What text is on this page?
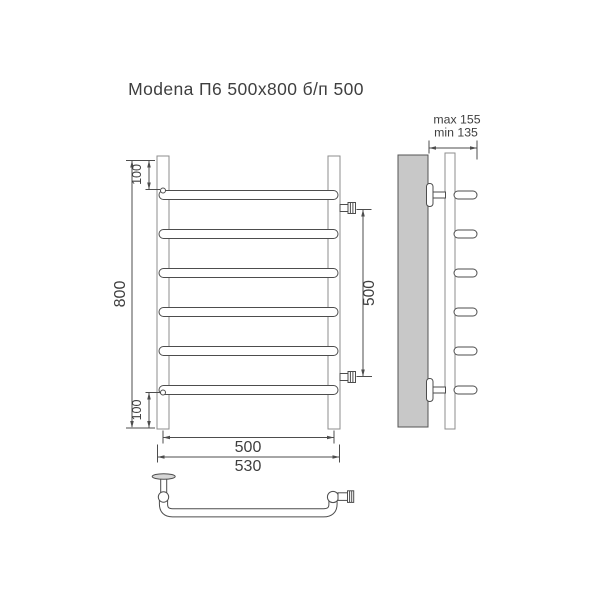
Modena П6 500x800 б/п 500
800
100
100
500
500
530
max 155
min 135
